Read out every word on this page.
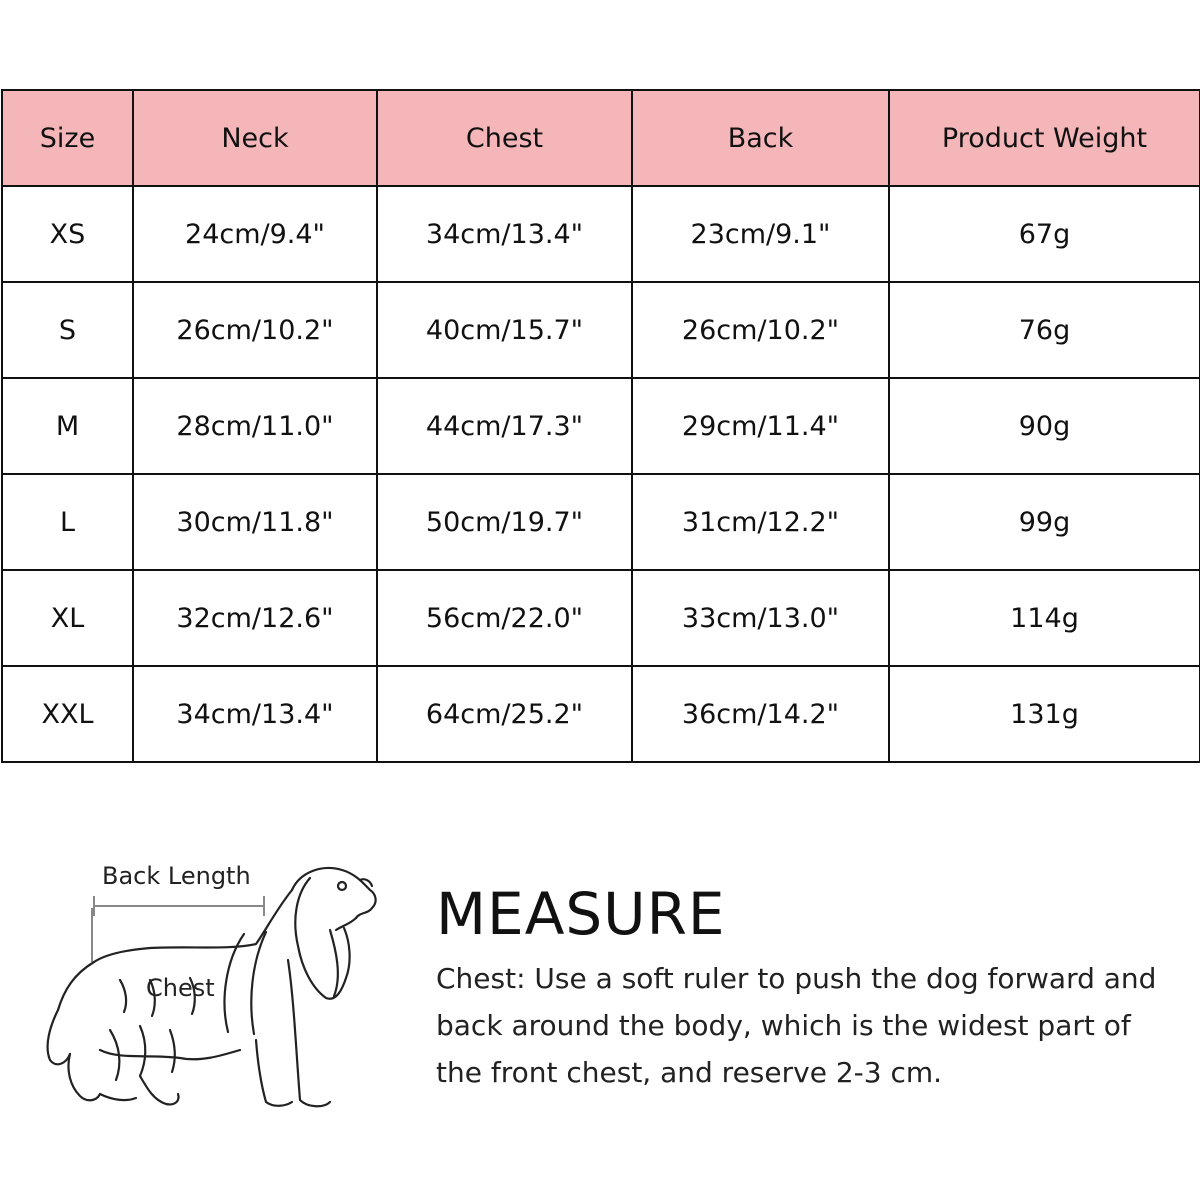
Size	Neck	Chest	Back	Product Weight
XS	24cm/9.4"	34cm/13.4"	23cm/9.1"	67g
S	26cm/10.2"	40cm/15.7"	26cm/10.2"	76g
M	28cm/11.0"	44cm/17.3"	29cm/11.4"	90g
L	30cm/11.8"	50cm/19.7"	31cm/12.2"	99g
XL	32cm/12.6"	56cm/22.0"	33cm/13.0"	114g
XXL	34cm/13.4"	64cm/25.2"	36cm/14.2"	131g
Back Length
Chest
MEASURE

Chest: Use a soft ruler to push the dog forward and back around the body, which is the widest part of the front chest, and reserve 2-3 cm.
